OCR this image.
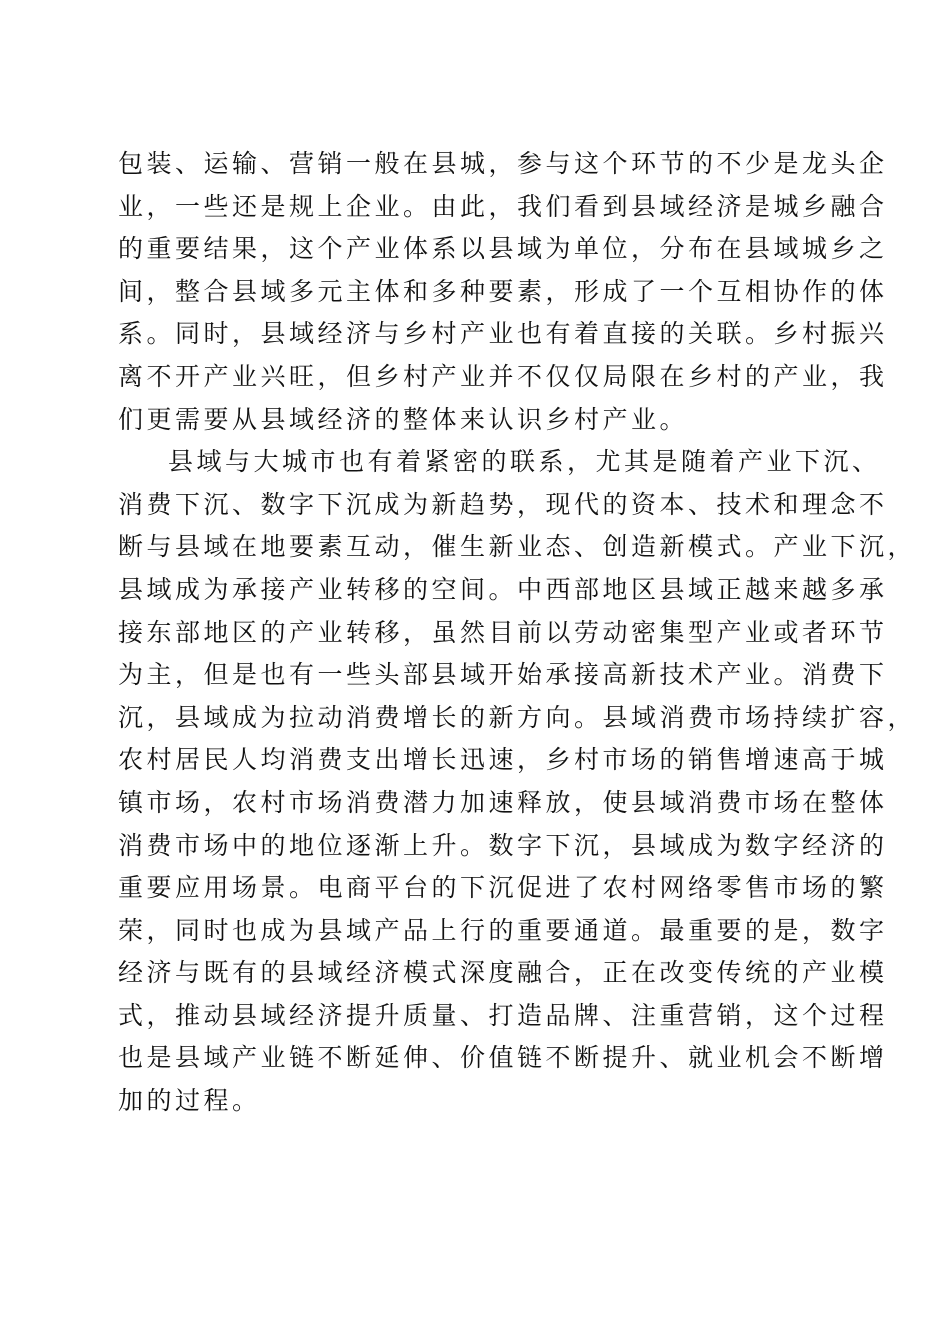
包装、运输、营销一般在县城，参与这个环节的不少是龙头企
业，一些还是规上企业。由此，我们看到县域经济是城乡融合
的重要结果，这个产业体系以县域为单位，分布在县域城乡之
间，整合县域多元主体和多种要素，形成了一个互相协作的体
系。同时，县域经济与乡村产业也有着直接的关联。乡村振兴
离不开产业兴旺，但乡村产业并不仅仅局限在乡村的产业，我
们更需要从县域经济的整体来认识乡村产业。
县域与大城市也有着紧密的联系，尤其是随着产业下沉、
消费下沉、数字下沉成为新趋势，现代的资本、技术和理念不
断与县域在地要素互动，催生新业态、创造新模式。产业下沉，
县域成为承接产业转移的空间。中西部地区县域正越来越多承
接东部地区的产业转移，虽然目前以劳动密集型产业或者环节
为主，但是也有一些头部县域开始承接高新技术产业。消费下
沉，县域成为拉动消费增长的新方向。县域消费市场持续扩容，
农村居民人均消费支出增长迅速，乡村市场的销售增速高于城
镇市场，农村市场消费潜力加速释放，使县域消费市场在整体
消费市场中的地位逐渐上升。数字下沉，县域成为数字经济的
重要应用场景。电商平台的下沉促进了农村网络零售市场的繁
荣，同时也成为县域产品上行的重要通道。最重要的是，数字
经济与既有的县域经济模式深度融合，正在改变传统的产业模
式，推动县域经济提升质量、打造品牌、注重营销，这个过程
也是县域产业链不断延伸、价值链不断提升、就业机会不断增
加的过程。
